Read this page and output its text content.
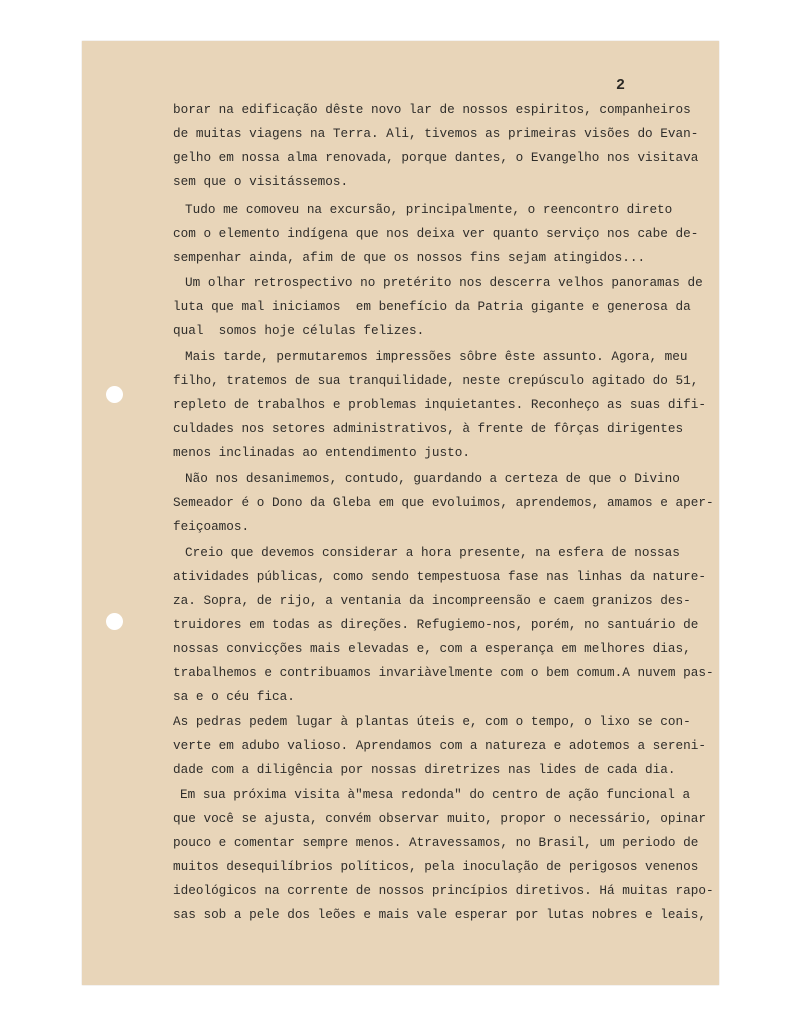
2
borar na edificação dêste novo lar de nossos espiritos, companheiros
de muitas viagens na Terra. Ali, tivemos as primeiras visões do Evan-
gelho em nossa alma renovada, porque dantes, o Evangelho nos visitava
sem que o visitássemos.
Tudo me comoveu na excursão, principalmente, o reencontro direto
com o elemento indígena que nos deixa ver quanto serviço nos cabe de-
sempenhar ainda, afim de que os nossos fins sejam atingidos...
Um olhar retrospectivo no pretérito nos descerra velhos panoramas de
luta que mal iniciamos  em benefício da Patria gigante e generosa da
qual  somos hoje células felizes.
Mais tarde, permutaremos impressões sôbre êste assunto. Agora, meu
filho, tratemos de sua tranquilidade, neste crepúsculo agitado do 51,
repleto de trabalhos e problemas inquietantes. Reconheço as suas difi-
culdades nos setores administrativos, à frente de fôrças dirigentes
menos inclinadas ao entendimento justo.
Não nos desanimemos, contudo, guardando a certeza de que o Divino
Semeador é o Dono da Gleba em que evoluimos, aprendemos, amamos e aper-
feiçoamos.
Creio que devemos considerar a hora presente, na esfera de nossas
atividades públicas, como sendo tempestuosa fase nas linhas da nature-
za. Sopra, de rijo, a ventania da incompreensão e caem granizos des-
truidores em todas as direções. Refugiemo-nos, porém, no santuário de
nossas convicções mais elevadas e, com a esperança em melhores dias,
trabalhemos e contribuamos invariàvelmente com o bem comum.A nuvem pas-
sa e o céu fica.
As pedras pedem lugar à plantas úteis e, com o tempo, o lixo se con-
verte em adubo valioso. Aprendamos com a natureza e adotemos a sereni-
dade com a diligência por nossas diretrizes nas lides de cada dia.
Em sua próxima visita à"mesa redonda" do centro de ação funcional a
que você se ajusta, convém observar muito, propor o necessário, opinar
pouco e comentar sempre menos. Atravessamos, no Brasil, um periodo de
muitos desequilíbrios políticos, pela inoculação de perigosos venenos
ideológicos na corrente de nossos princípios diretivos. Há muitas rapo-
sas sob a pele dos leões e mais vale esperar por lutas nobres e leais,
